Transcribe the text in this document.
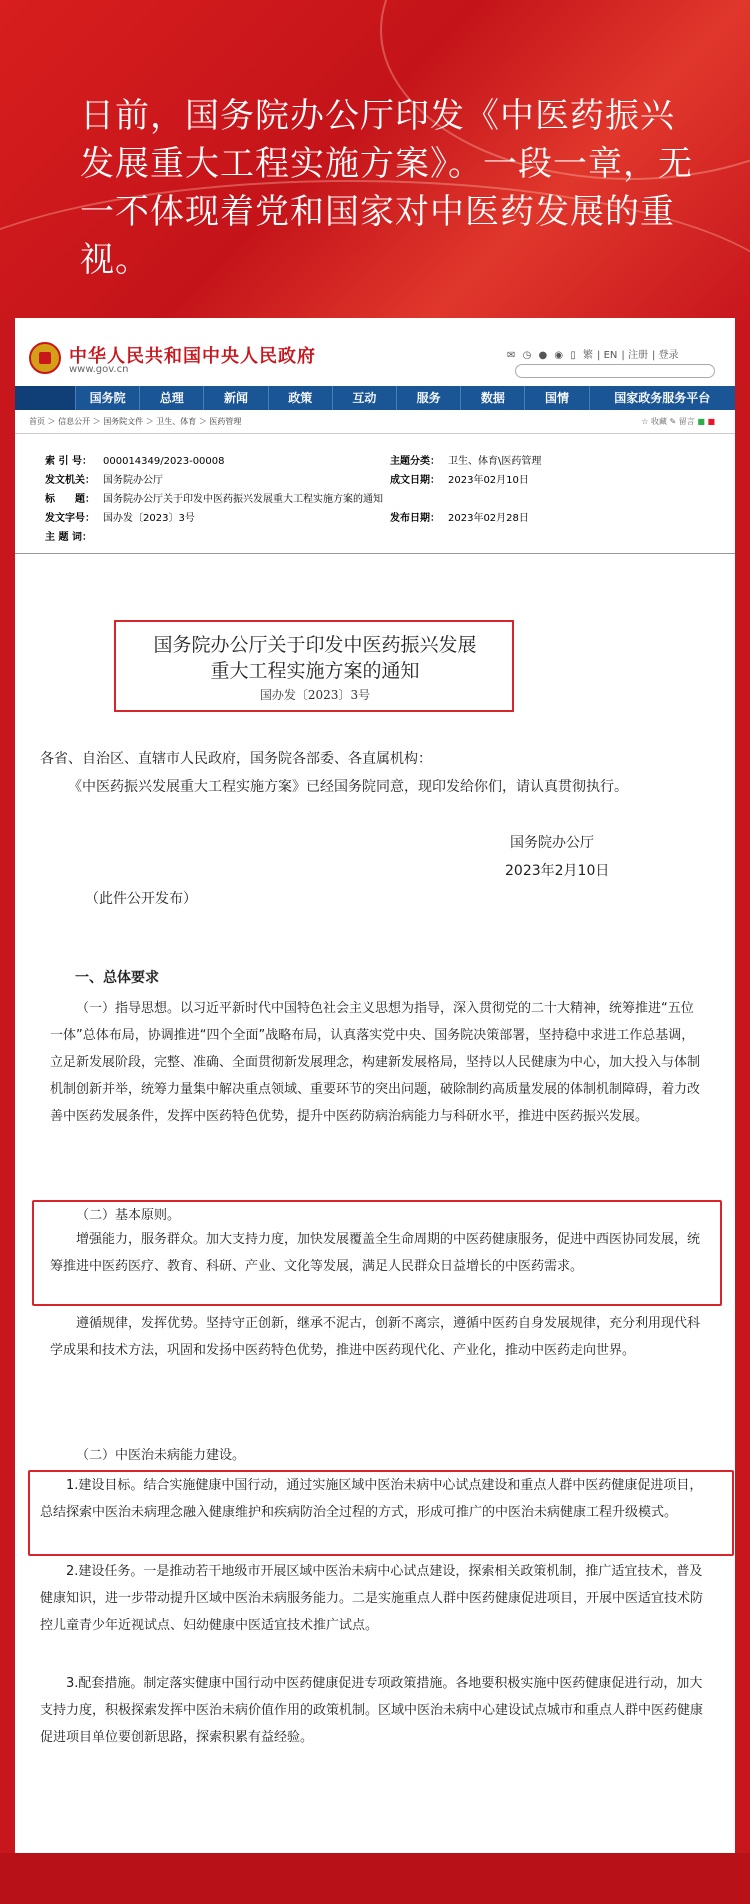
日前，国务院办公厅印发《中医药振兴发展重大工程实施方案》。一段一章，无一不体现着党和国家对中医药发展的重视。
中华人民共和国中央人民政府
www.gov.cn
✉ ◷ ● ◉ ▯ 繁 | EN | 注册 | 登录
国务院	总理	新闻	政策	互动	服务	数据	国情	国家政务服务平台
首页 ＞ 信息公开 ＞ 国务院文件 ＞ 卫生、体育 ＞ 医药管理	☆ 收藏 ✎ 留言 ■ ■
索 引 号： 000014349/2023-00008	主题分类： 卫生、体育\医药管理
发文机关： 国务院办公厅	成文日期： 2023年02月10日
标　　题： 国务院办公厅关于印发中医药振兴发展重大工程实施方案的通知
发文字号： 国办发〔2023〕3号	发布日期： 2023年02月28日
主 题 词：
国务院办公厅关于印发中医药振兴发展
重大工程实施方案的通知
国办发〔2023〕3号
各省、自治区、直辖市人民政府，国务院各部委、各直属机构：
《中医药振兴发展重大工程实施方案》已经国务院同意，现印发给你们，请认真贯彻执行。
国务院办公厅
2023年2月10日
（此件公开发布）
一、总体要求
（一）指导思想。以习近平新时代中国特色社会主义思想为指导，深入贯彻党的二十大精神，统筹推进“五位一体”总体布局，协调推进“四个全面”战略布局，认真落实党中央、国务院决策部署，坚持稳中求进工作总基调，立足新发展阶段，完整、准确、全面贯彻新发展理念，构建新发展格局，坚持以人民健康为中心，加大投入与体制机制创新并举，统筹力量集中解决重点领域、重要环节的突出问题，破除制约高质量发展的体制机制障碍，着力改善中医药发展条件，发挥中医药特色优势，提升中医药防病治病能力与科研水平，推进中医药振兴发展。
（二）基本原则。
增强能力，服务群众。加大支持力度，加快发展覆盖全生命周期的中医药健康服务，促进中西医协同发展，统筹推进中医药医疗、教育、科研、产业、文化等发展，满足人民群众日益增长的中医药需求。
遵循规律，发挥优势。坚持守正创新，继承不泥古，创新不离宗，遵循中医药自身发展规律，充分利用现代科学成果和技术方法，巩固和发扬中医药特色优势，推进中医药现代化、产业化，推动中医药走向世界。
（二）中医治未病能力建设。
1.建设目标。结合实施健康中国行动，通过实施区域中医治未病中心试点建设和重点人群中医药健康促进项目，总结探索中医治未病理念融入健康维护和疾病防治全过程的方式，形成可推广的中医治未病健康工程升级模式。
2.建设任务。一是推动若干地级市开展区域中医治未病中心试点建设，探索相关政策机制，推广适宜技术，普及健康知识，进一步带动提升区域中医治未病服务能力。二是实施重点人群中医药健康促进项目，开展中医适宜技术防控儿童青少年近视试点、妇幼健康中医适宜技术推广试点。
3.配套措施。制定落实健康中国行动中医药健康促进专项政策措施。各地要积极实施中医药健康促进行动，加大支持力度，积极探索发挥中医治未病价值作用的政策机制。区域中医治未病中心建设试点城市和重点人群中医药健康促进项目单位要创新思路，探索积累有益经验。
